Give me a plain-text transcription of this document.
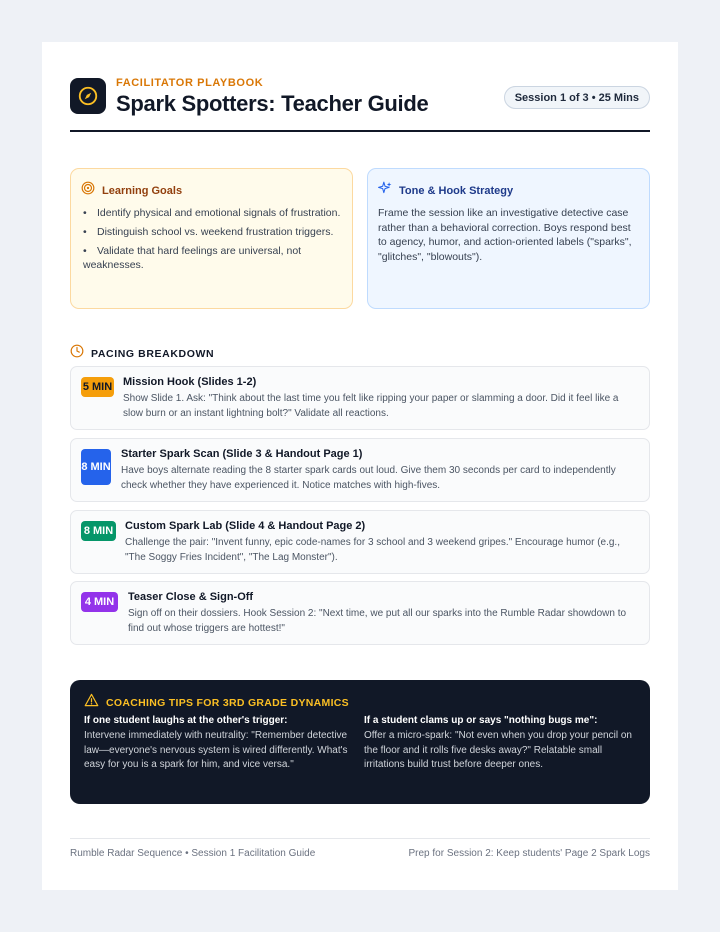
FACILITATOR PLAYBOOK
Spark Spotters: Teacher Guide	Session 1 of 3 • 25 Mins
Learning Goals
• Identify physical and emotional signals of frustration.
• Distinguish school vs. weekend frustration triggers.
• Validate that hard feelings are universal, not weaknesses.
Tone & Hook Strategy
Frame the session like an investigative detective case rather than a behavioral correction. Boys respond best to agency, humor, and action-oriented labels ("sparks", "glitches", "blowouts").
PACING BREAKDOWN
5 MIN Mission Hook (Slides 1-2)
Show Slide 1. Ask: "Think about the last time you felt like ripping your paper or slamming a door. Did it feel like a slow burn or an instant lightning bolt?" Validate all reactions.
8 MIN
Starter Spark Scan (Slide 3 & Handout Page 1)
Have boys alternate reading the 8 starter spark cards out loud. Give them 30 seconds per card to independently check whether they have experienced it. Notice matches with high-fives.
8 MIN Custom Spark Lab (Slide 4 & Handout Page 2)
Challenge the pair: "Invent funny, epic code-names for 3 school and 3 weekend gripes." Encourage humor (e.g., "The Soggy Fries Incident", "The Lag Monster").
4 MIN	Teaser Close & Sign-Off
Sign off on their dossiers. Hook Session 2: "Next time, we put all our sparks into the Rumble Radar showdown to find out whose triggers are hottest!"
COACHING TIPS FOR 3RD GRADE DYNAMICS
If one student laughs at the other's trigger:
Intervene immediately with neutrality: "Remember detective law—everyone's nervous system is wired differently. What's easy for you is a spark for him, and vice versa."
If a student clams up or says "nothing bugs me":
Offer a micro-spark: "Not even when you drop your pencil on the floor and it rolls five desks away?" Relatable small irritations build trust before deeper ones.
Rumble Radar Sequence • Session 1 Facilitation Guide	Prep for Session 2: Keep students' Page 2 Spark Logs
